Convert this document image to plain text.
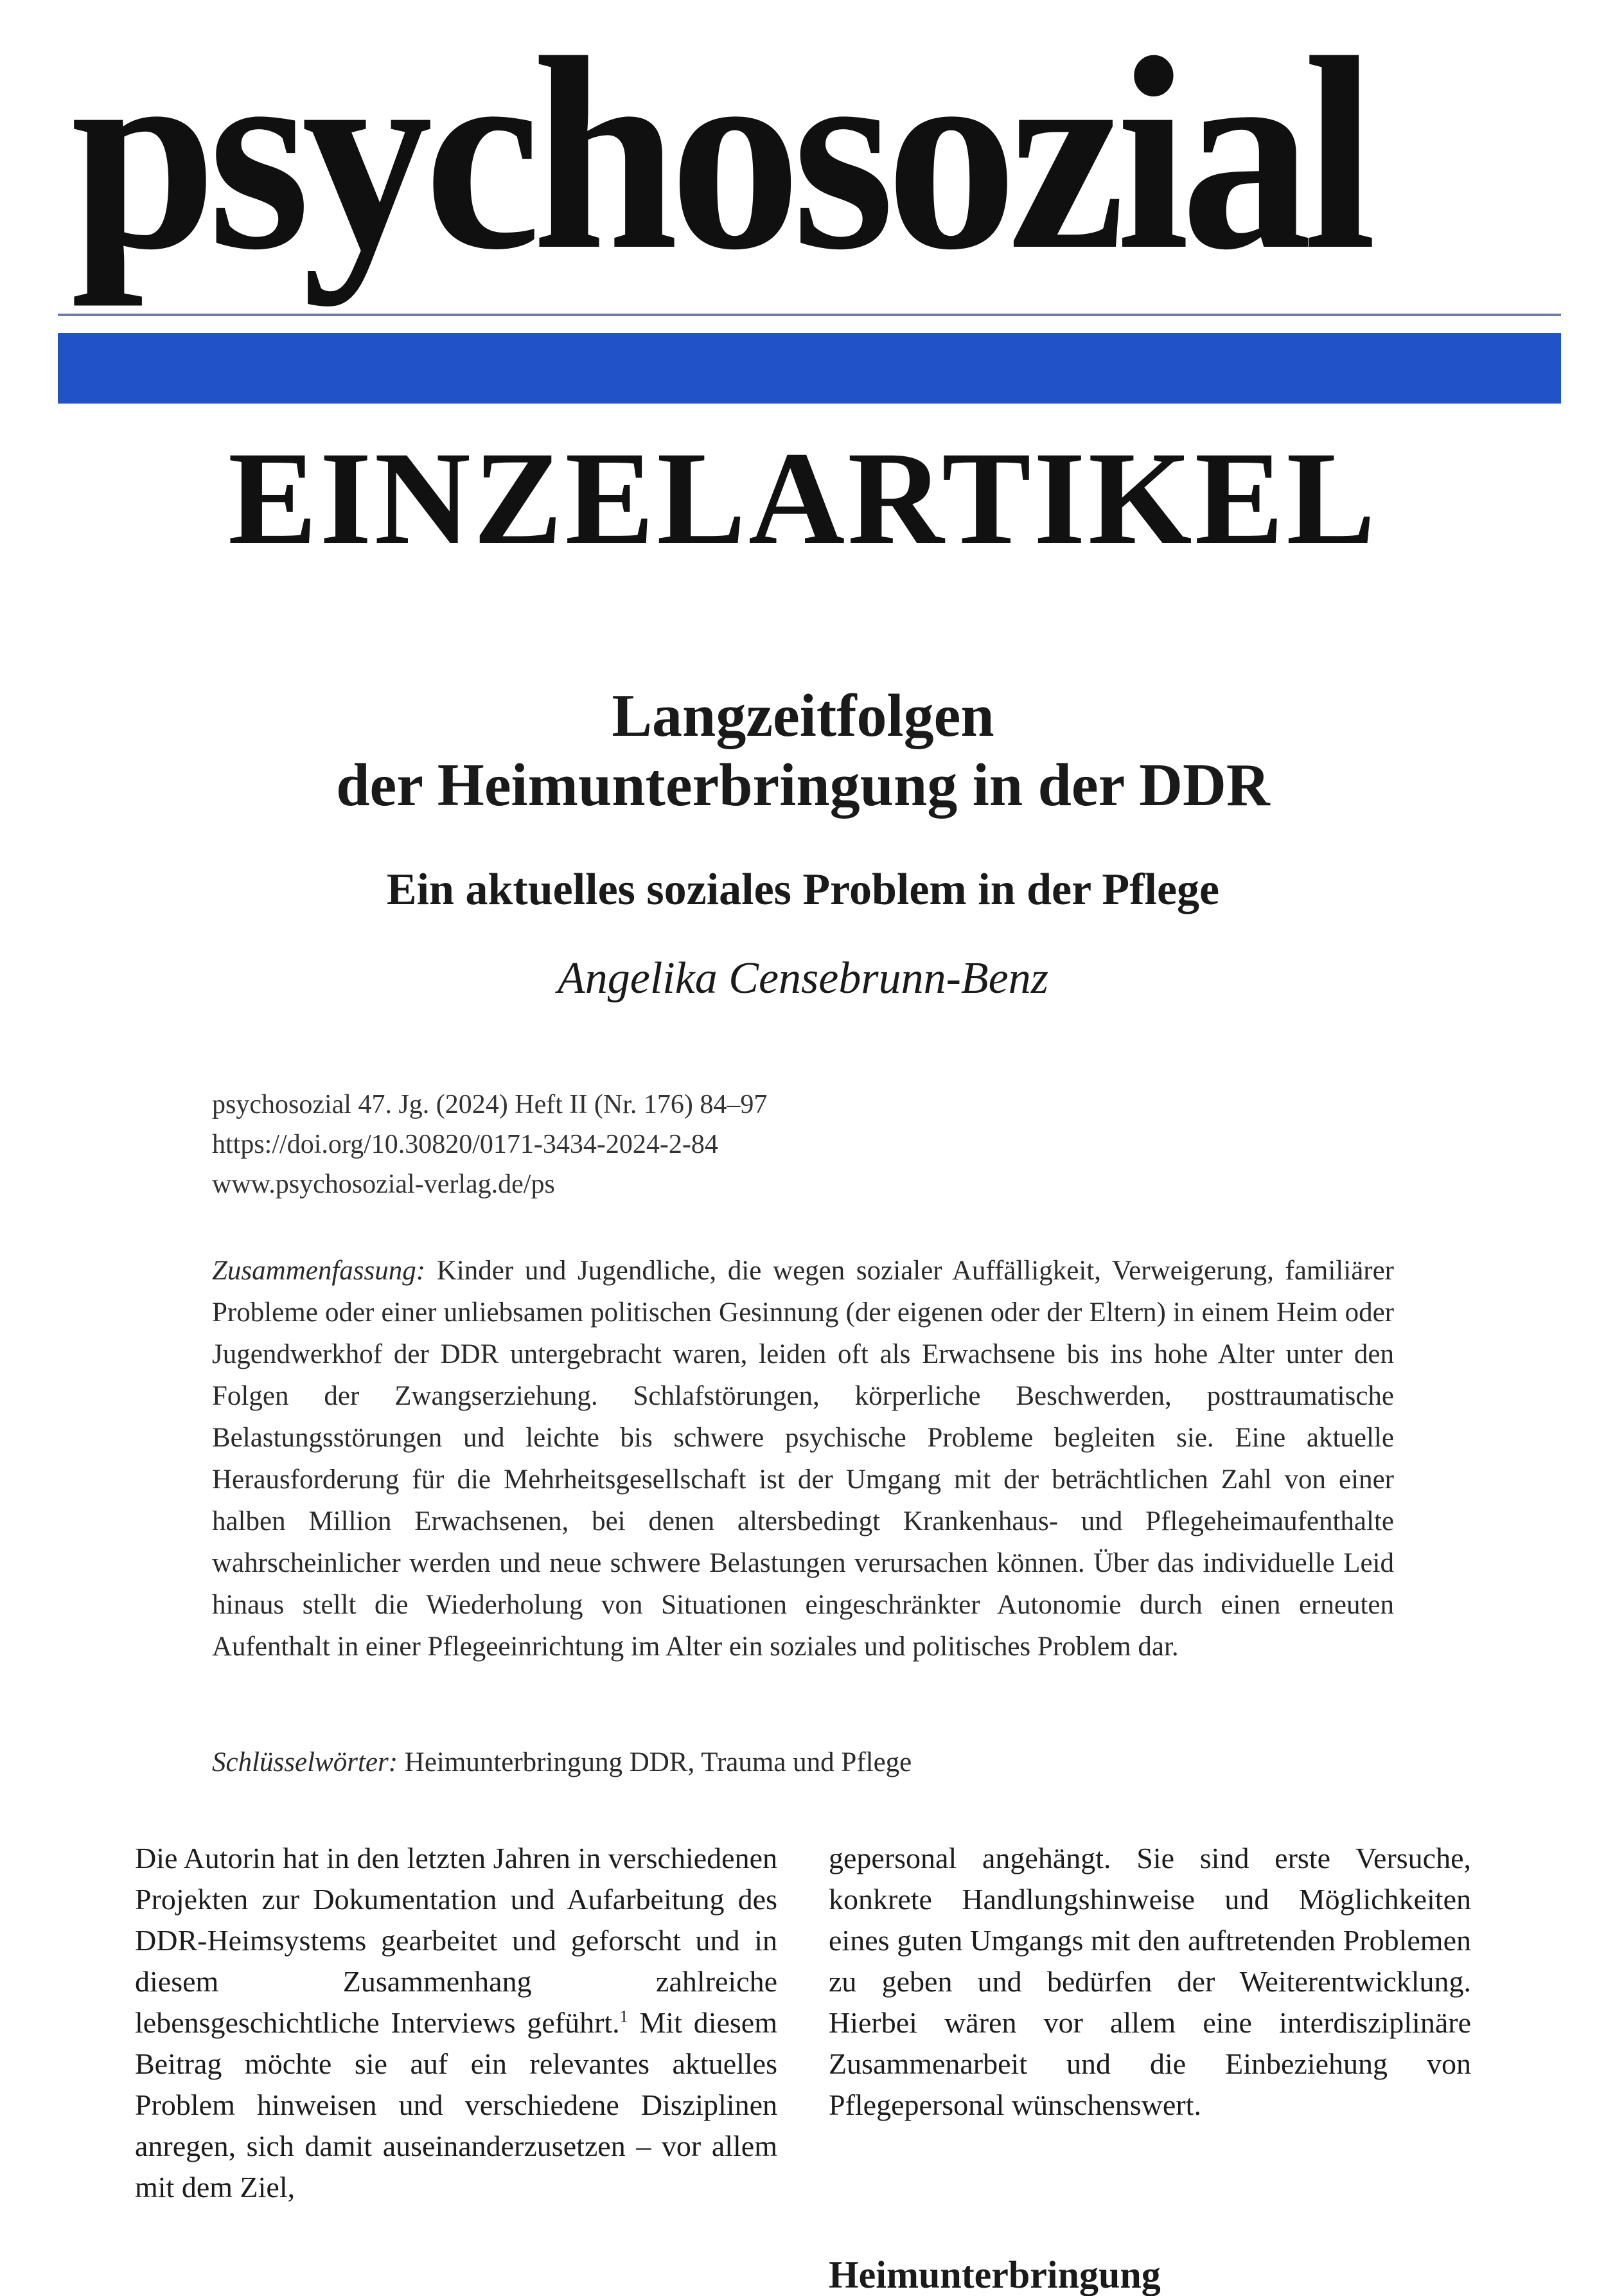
psychosozial
EINZELARTIKEL
Langzeitfolgen
der Heimunterbringung in der DDR
Ein aktuelles soziales Problem in der Pflege
Angelika Censebrunn-Benz
psychosozial 47. Jg. (2024) Heft II (Nr. 176) 84–97
https://doi.org/10.30820/0171-3434-2024-2-84
www.psychosozial-verlag.de/ps
Zusammenfassung: Kinder und Jugendliche, die wegen sozialer Auffälligkeit, Verweigerung, familiärer Probleme oder einer unliebsamen politischen Gesinnung (der eigenen oder der Eltern) in einem Heim oder Jugendwerkhof der DDR untergebracht waren, leiden oft als Erwachsene bis ins hohe Alter unter den Folgen der Zwangserziehung. Schlafstörungen, körperliche Beschwerden, posttraumatische Belastungsstörungen und leichte bis schwere psychische Probleme begleiten sie. Eine aktuelle Herausforderung für die Mehrheitsgesellschaft ist der Umgang mit der beträchtlichen Zahl von einer halben Million Erwachsenen, bei denen altersbedingt Krankenhaus- und Pflegeheimaufenthalte wahrscheinlicher werden und neue schwere Belastungen verursachen können. Über das individuelle Leid hinaus stellt die Wiederholung von Situationen eingeschränkter Autonomie durch einen erneuten Aufenthalt in einer Pflegeeinrichtung im Alter ein soziales und politisches Problem dar.
Schlüsselwörter: Heimunterbringung DDR, Trauma und Pflege
Die Autorin hat in den letzten Jahren in verschiedenen Projekten zur Dokumentation und Aufarbeitung des DDR-Heimsystems gearbeitet und geforscht und in diesem Zusammenhang zahlreiche lebensgeschichtliche Interviews geführt.$^1$ Mit diesem Beitrag möchte sie auf ein relevantes aktuelles Problem hinweisen und verschiedene Disziplinen anregen, sich damit auseinanderzusetzen – vor allem mit dem Ziel,
gepersonal angehängt. Sie sind erste Versuche, konkrete Handlungshinweise und Möglichkeiten eines guten Umgangs mit den auftretenden Problemen zu geben und bedürfen der Weiterentwicklung. Hierbei wären vor allem eine interdisziplinäre Zusammenarbeit und die Einbeziehung von Pflegepersonal wünschenswert.
Heimunterbringung
